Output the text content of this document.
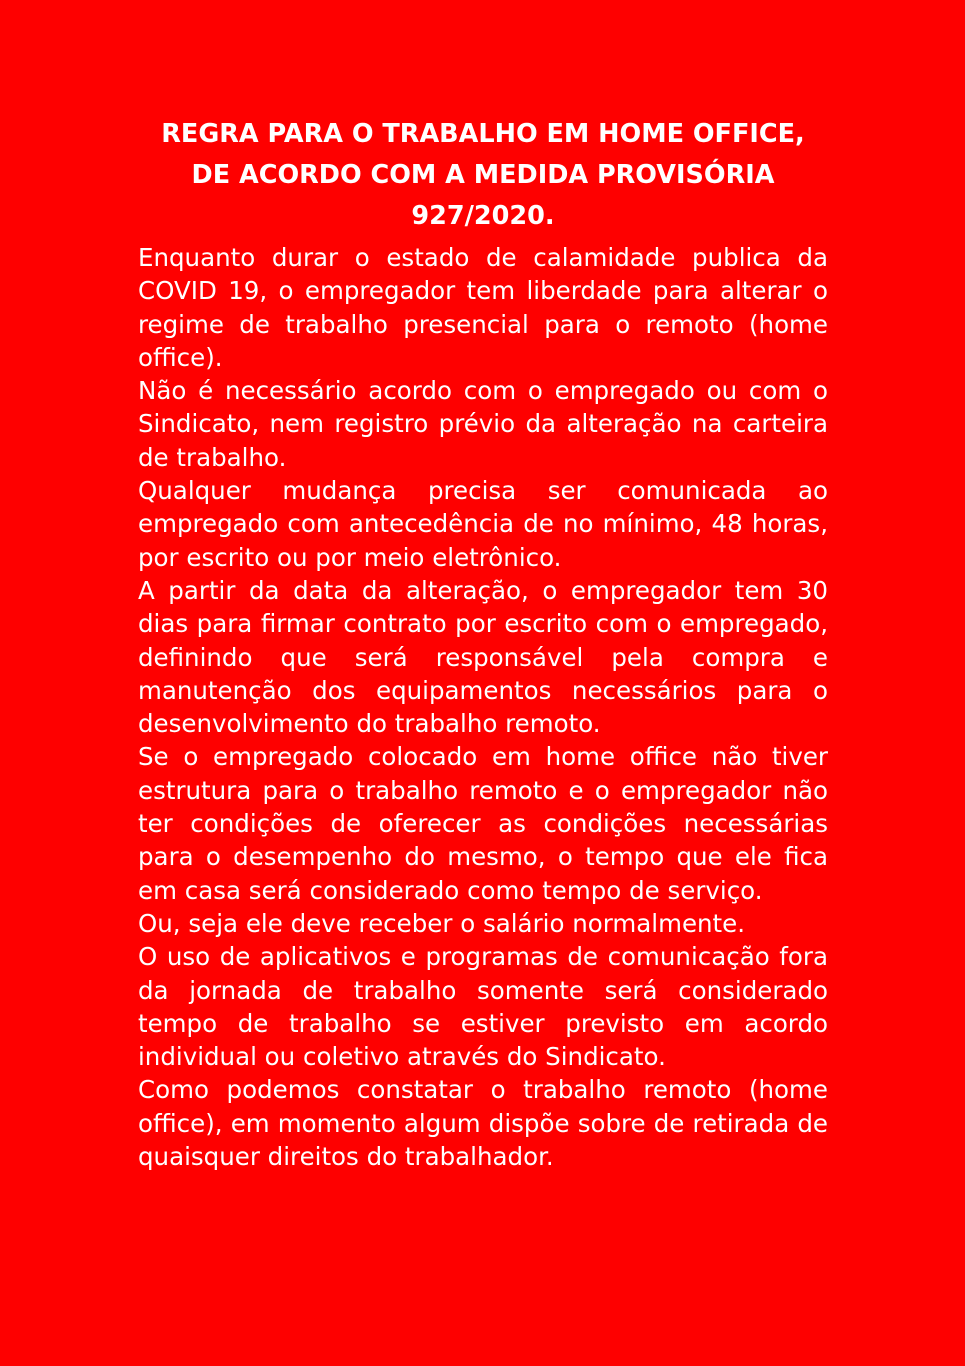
REGRA PARA O TRABALHO EM HOME OFFICE,
DE ACORDO COM A MEDIDA PROVISÓRIA
927/2020.

Enquanto durar o estado de calamidade publica da COVID 19, o empregador tem liberdade para alterar o regime de trabalho presencial para o remoto (home office).

Não é necessário acordo com o empregado ou com o Sindicato, nem registro prévio da alteração na carteira de trabalho.

Qualquer mudança precisa ser comunicada ao empregado com antecedência de no mínimo, 48 horas, por escrito ou por meio eletrônico.

A partir da data da alteração, o empregador tem 30 dias para firmar contrato por escrito com o empregado, definindo que será responsável pela compra e manutenção dos equipamentos necessários para o desenvolvimento do trabalho remoto.

Se o empregado colocado em home office não tiver estrutura para o trabalho remoto e o empregador não ter condições de oferecer as condições necessárias para o desempenho do mesmo, o tempo que ele fica em casa será considerado como tempo de serviço.

Ou, seja ele deve receber o salário normalmente.

O uso de aplicativos e programas de comunicação fora da jornada de trabalho somente será considerado tempo de trabalho se estiver previsto em acordo individual ou coletivo através do Sindicato.

Como podemos constatar o trabalho remoto (home office), em momento algum dispõe sobre de retirada de quaisquer direitos do trabalhador.
